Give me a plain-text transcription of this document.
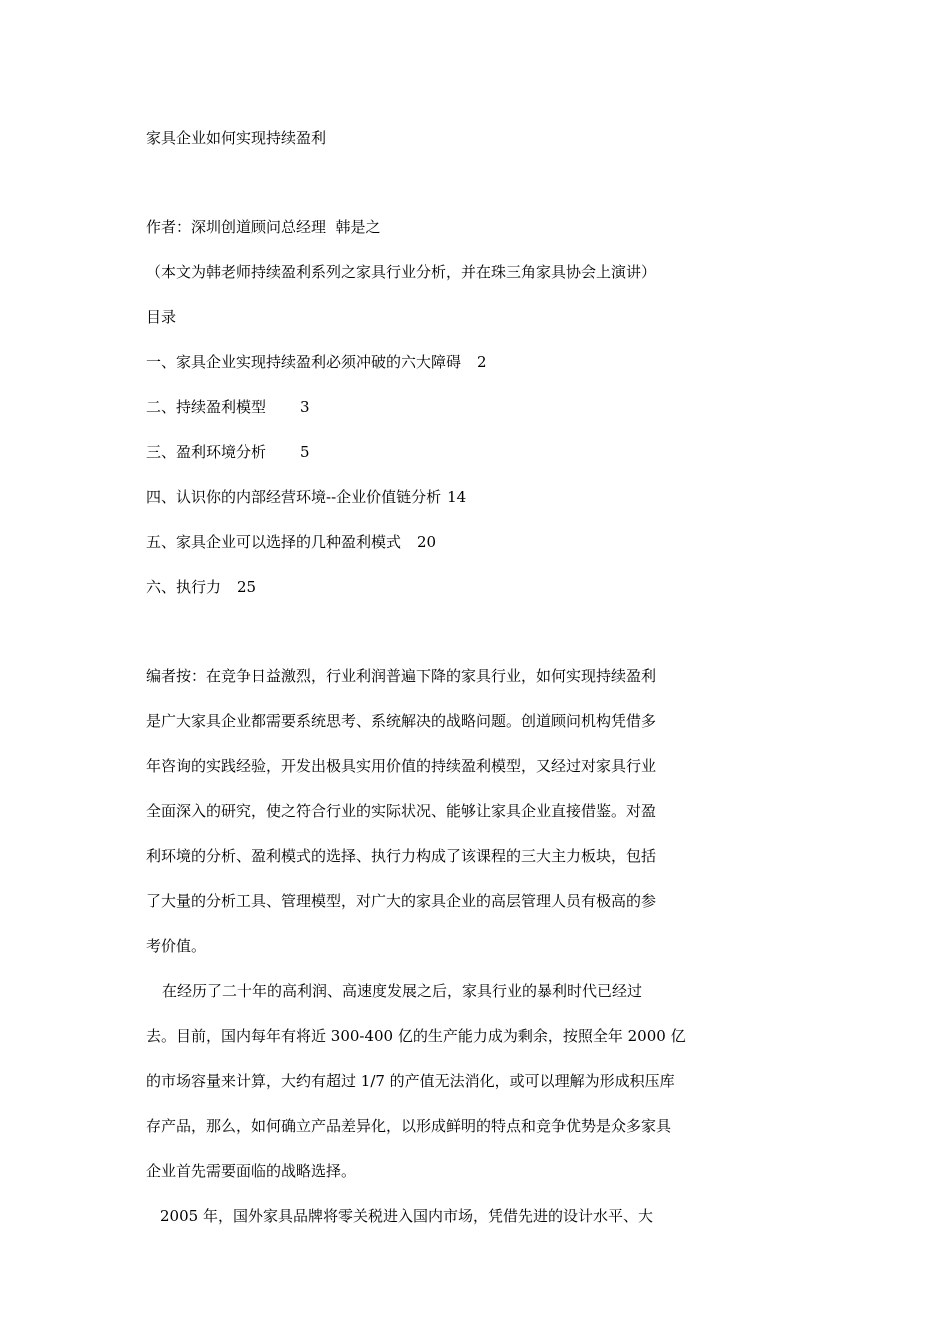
家具企业如何实现持续盈利

作者：深圳创道顾问总经理  韩是之

（本文为韩老师持续盈利系列之家具行业分析，并在珠三角家具协会上演讲）

目录

一、家具企业实现持续盈利必须冲破的六大障碍 2

二、持续盈利模型 3

三、盈利环境分析 5

四、认识你的内部经营环境--企业价值链分析 14

五、家具企业可以选择的几种盈利模式 20

六、执行力 25

编者按：在竞争日益激烈，行业利润普遍下降的家具行业，如何实现持续盈利

是广大家具企业都需要系统思考、系统解决的战略问题。创道顾问机构凭借多

年咨询的实践经验，开发出极具实用价值的持续盈利模型，又经过对家具行业

全面深入的研究，使之符合行业的实际状况、能够让家具企业直接借鉴。对盈

利环境的分析、盈利模式的选择、执行力构成了该课程的三大主力板块，包括

了大量的分析工具、管理模型，对广大的家具企业的高层管理人员有极高的参

考价值。

在经历了二十年的高利润、高速度发展之后，家具行业的暴利时代已经过

去。目前，国内每年有将近 300-400 亿的生产能力成为剩余，按照全年 2000 亿

的市场容量来计算，大约有超过 1/7 的产值无法消化，或可以理解为形成积压库

存产品，那么，如何确立产品差异化，以形成鲜明的特点和竞争优势是众多家具

企业首先需要面临的战略选择。

2005 年，国外家具品牌将零关税进入国内市场，凭借先进的设计水平、大
